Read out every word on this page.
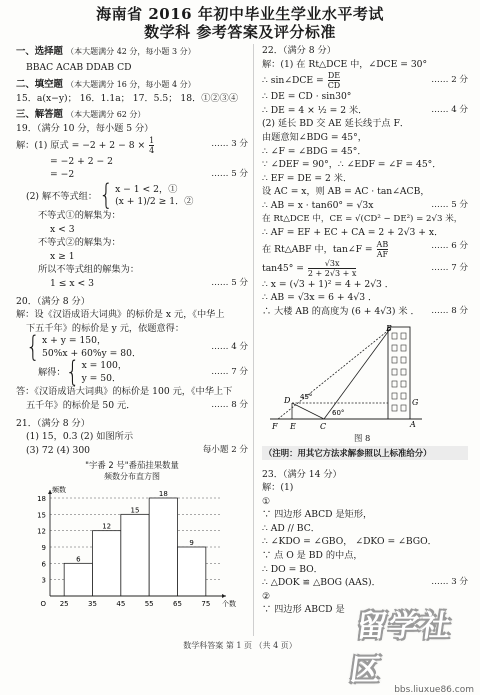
海南省 2016 年初中毕业生学业水平考试
数学科 参考答案及评分标准
一、选择题 （本大题满分 42 分，每小题 3 分）
BBAC ACAB DDAB CD
二、填空题 （本大题满分 16 分，每小题 4 分）
15．a(x−y)； 16．1.1a； 17．5.5； 18．①②③④
三、解答题 （本大题满分 62 分）
19．（满分 10 分，每小题 5 分）
解：(1) 原式 = $-2 + 2 - 8 \times \frac{1}{4}$	…… 3 分
= −2 + 2 − 2
= −2	…… 5 分
(2) 解不等式组： { x − 1 < 2，①
(x + 1)/2 ≥ 1．②
不等式①的解集为：
x < 3
不等式②的解集为：
x ≥ 1
所以不等式组的解集为：
1 ≤ x < 3	…… 5 分
20．（满分 8 分）
解：设《汉语成语大词典》的标价是 x 元，《中华上
下五千年》的标价是 y 元，依题意得：
{ x + y = 150，
50%x + 60%y = 80．
…… 4 分
解得： { x = 100，
y = 50．
…… 7 分
答：《汉语成语大词典》的标价是 100 元，《中华上下
五千年》的标价是 50 元．	…… 8 分
21．（满分 8 分）
(1) 15，0.3 (2) 如图所示
(3) 72 (4) 300	每小题 2 分
"宇番 2 号"番茄挂果数量
频数分布直方图
3
6
9
12
15
18
6
12
15
18
9
25	35	45	55	65	75
频数
个数
O
22．（满分 8 分）
解：(1) 在 Rt△DCE 中，∠DCE = 30°
∴ sin∠DCE = $\frac{DE}{CD}$	…… 2 分
∴ DE = CD · sin30°
∴ DE = 4 × ½ = 2 米．	…… 4 分
(2) 延长 BD 交 AE 延长线于点 F．
由题意知∠BDG = 45°，
∴ ∠F = ∠BDG = 45°．
∵ ∠DEF = 90°，∴ ∠EDF = ∠F = 45°．
∴ EF = DE = 2 米．
设 AC = x，则 AB = AC · tan∠ACB，
∴ AB = x · tan60° = √3x	…… 5 分
在 Rt△DCE 中，CE = √(CD² − DE²) = 2√3 米，
∴ AF = EF + EC + CA = 2 + 2√3 + x．
…… 6 分
在 Rt△ABF 中，tan∠F = $\frac{AB}{AF}$
$\tan 45^\circ = \frac{√3x}{2 + 2√3 + x}$	…… 7 分
∴ x = (√3 + 1)² = 4 + 2√3 ．
∴ AB = √3x = 6 + 4√3 ．
∴ 大楼 AB 的高度为 (6 + 4√3) 米 ． …… 8 分
B
D	G
F E	C	A
45°
60°
图 8
（注明：用其它方法求解参照以上标准给分）
23．（满分 14 分）
解：(1)
①
∵ 四边形 ABCD 是矩形，
∴ AD // BC．
∴ ∠KDO = ∠GBO， ∠DKO = ∠BGO．
∵ 点 O 是 BD 的中点，
∴ DO = BO．
∴ △DOK ≌ △BOG (AAS)．	…… 3 分
②
∵ 四边形 ABCD 是
数学科答案 第 1 页 （共 4 页）
留学社区
bbs.liuxue86.com
